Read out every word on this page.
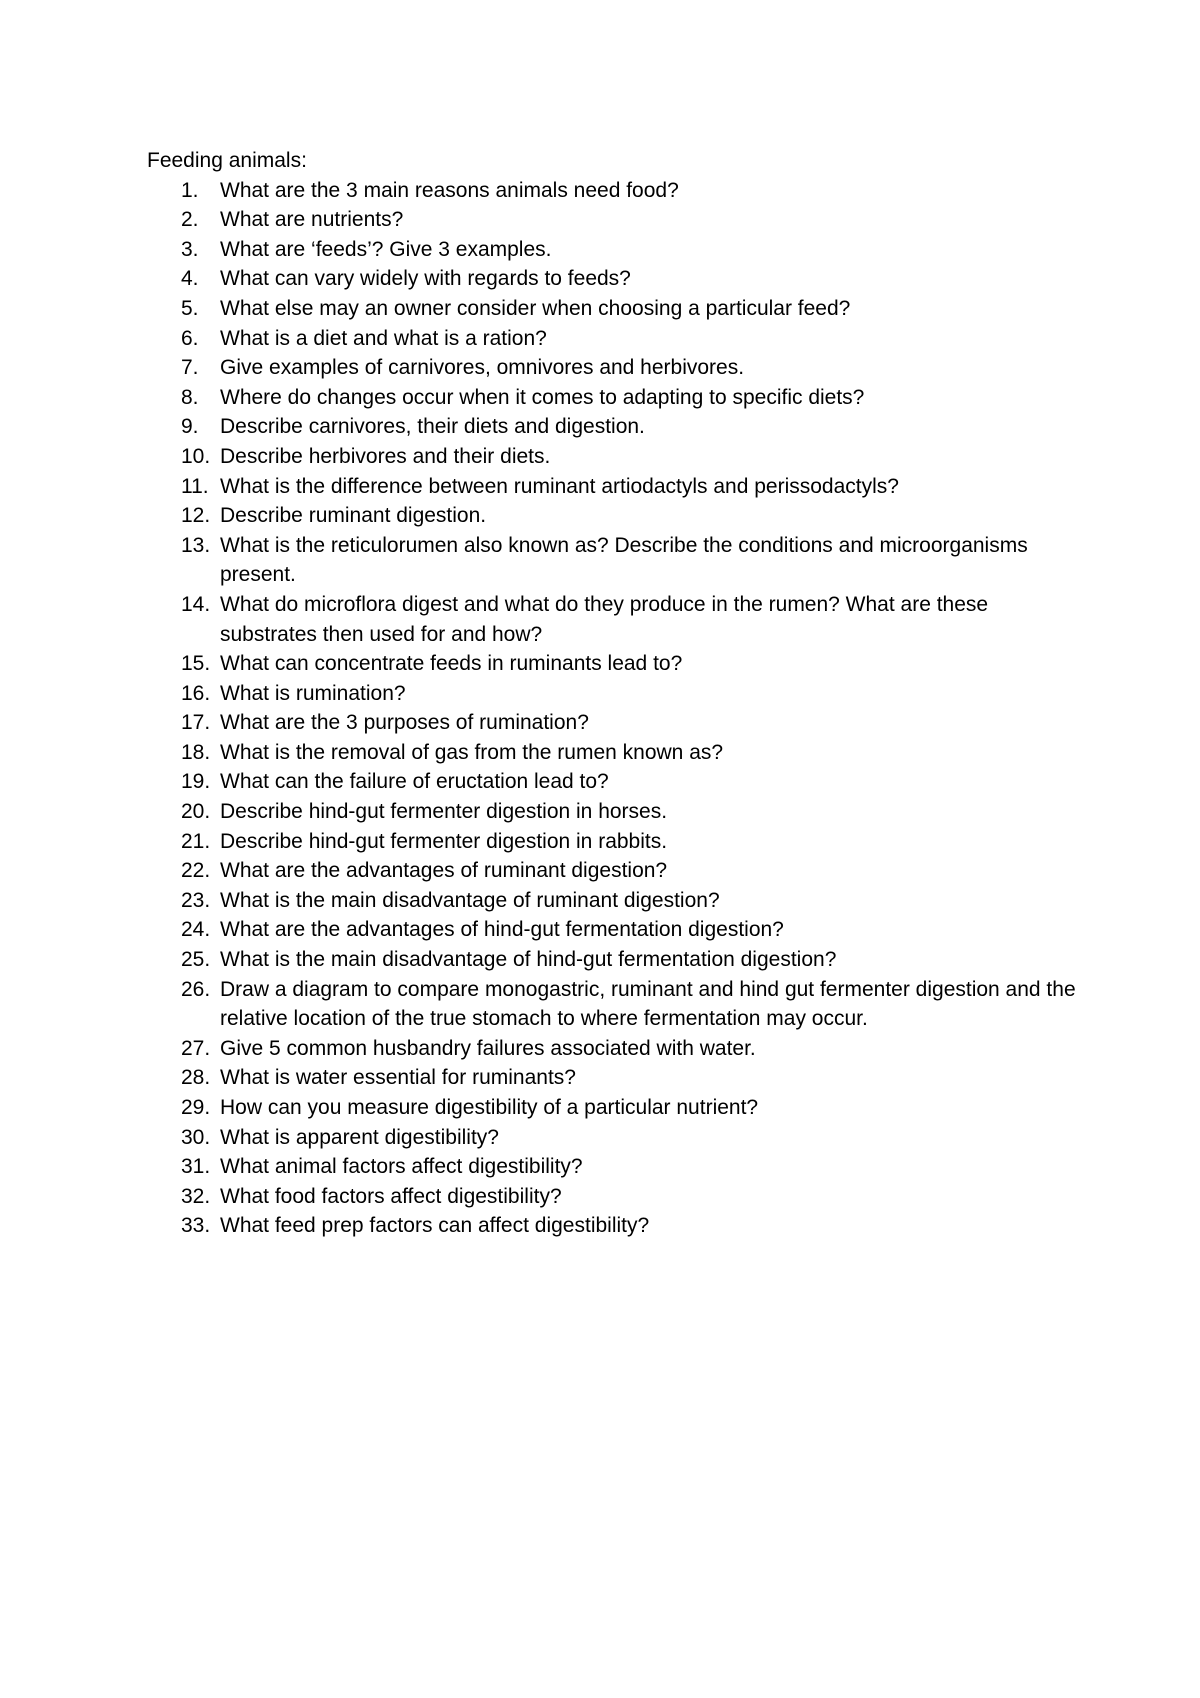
Feeding animals:
1. What are the 3 main reasons animals need food?
2. What are nutrients?
3. What are ‘feeds’? Give 3 examples.
4. What can vary widely with regards to feeds?
5. What else may an owner consider when choosing a particular feed?
6. What is a diet and what is a ration?
7. Give examples of carnivores, omnivores and herbivores.
8. Where do changes occur when it comes to adapting to specific diets?
9. Describe carnivores, their diets and digestion.
10. Describe herbivores and their diets.
11. What is the difference between ruminant artiodactyls and perissodactyls?
12. Describe ruminant digestion.
13. What is the reticulorumen also known as? Describe the conditions and microorganisms present.
14. What do microflora digest and what do they produce in the rumen? What are these substrates then used for and how?
15. What can concentrate feeds in ruminants lead to?
16. What is rumination?
17. What are the 3 purposes of rumination?
18. What is the removal of gas from the rumen known as?
19. What can the failure of eructation lead to?
20. Describe hind-gut fermenter digestion in horses.
21. Describe hind-gut fermenter digestion in rabbits.
22. What are the advantages of ruminant digestion?
23. What is the main disadvantage of ruminant digestion?
24. What are the advantages of hind-gut fermentation digestion?
25. What is the main disadvantage of hind-gut fermentation digestion?
26. Draw a diagram to compare monogastric, ruminant and hind gut fermenter digestion and the relative location of the true stomach to where fermentation may occur.
27. Give 5 common husbandry failures associated with water.
28. What is water essential for ruminants?
29. How can you measure digestibility of a particular nutrient?
30. What is apparent digestibility?
31. What animal factors affect digestibility?
32. What food factors affect digestibility?
33. What feed prep factors can affect digestibility?
